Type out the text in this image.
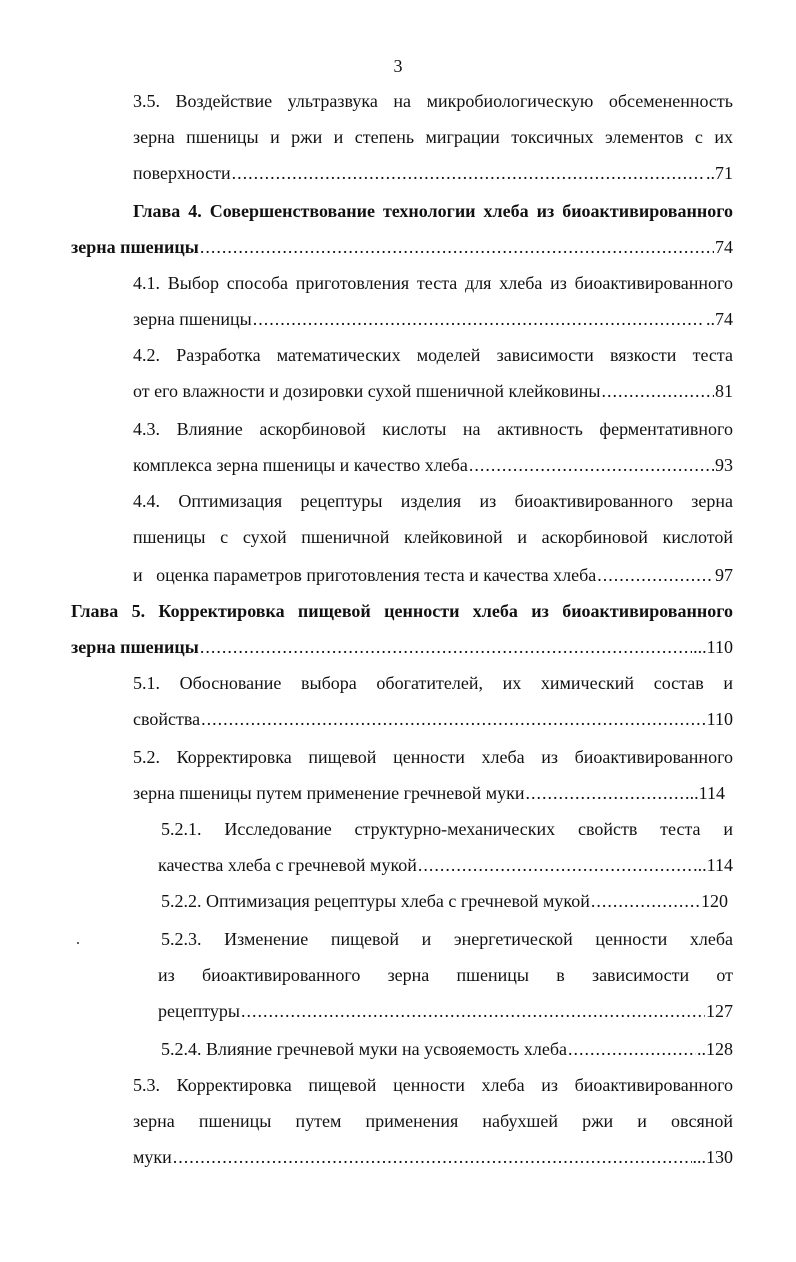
3
3.5. Воздействие ультразвука на микробиологическую обсемененность
зерна пшеницы и ржи и степень миграции токсичных элементов с их
поверхности .....	..71
Глава 4. Совершенствование технологии хлеба из биоактивированного
зерна пшеницы .....	74
4.1. Выбор способа приготовления теста для хлеба из биоактивированного
зерна пшеницы .....	..74
4.2. Разработка математических моделей зависимости вязкости теста
от его влажности и дозировки сухой пшеничной клейковины .....	81
4.3. Влияние аскорбиновой кислоты на активность ферментативного
комплекса зерна пшеницы и качество хлеба .....	93
4.4. Оптимизация рецептуры изделия из биоактивированного зерна
пшеницы с сухой пшеничной клейковиной и аскорбиновой кислотой
и   оценка параметров приготовления теста и качества хлеба .....	97
Глава 5. Корректировка пищевой ценности хлеба из биоактивированного
зерна пшеницы .....	...110
5.1. Обоснование выбора обогатителей, их химический состав и
свойства .....	110
5.2. Корректировка пищевой ценности хлеба из биоактивированного
зерна пшеницы путем применение гречневой муки .....	..114
5.2.1. Исследование структурно-механических свойств теста и
качества хлеба с гречневой мукой .....	...114
5.2.2. Оптимизация рецептуры хлеба с гречневой мукой .....	120
5.2.3. Изменение пищевой и энергетической ценности хлеба
из биоактивированного зерна пшеницы в зависимости от
рецептуры .....	127
5.2.4. Влияние гречневой муки на усвояемость хлеба .....	..128
5.3. Корректировка пищевой ценности хлеба из биоактивированного
зерна пшеницы путем применения набухшей ржи и овсяной
муки .....	...130
